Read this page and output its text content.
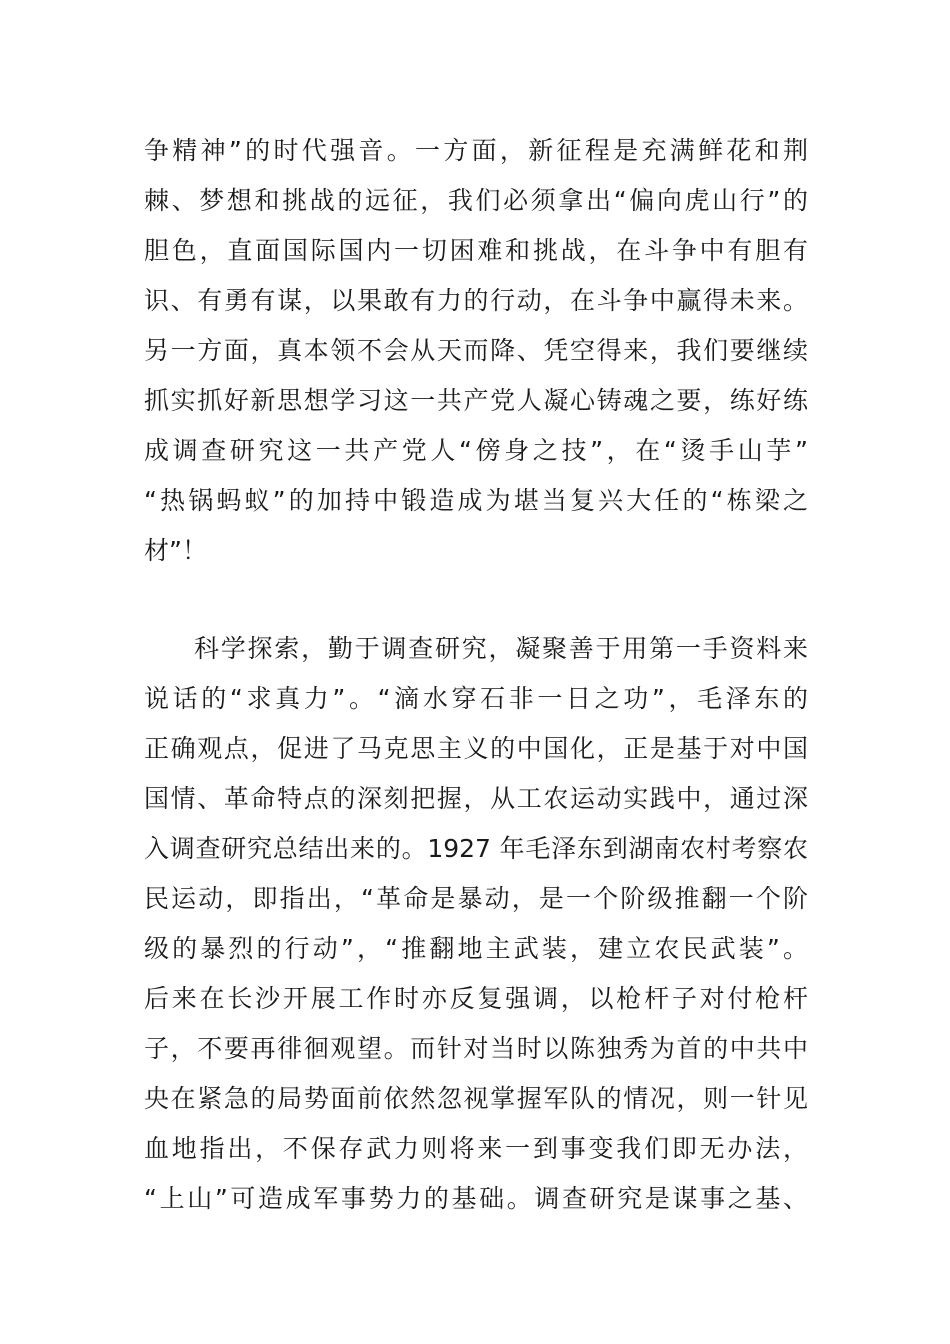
争精神”的时代强音。一方面，新征程是充满鲜花和荆
棘、梦想和挑战的远征，我们必须拿出“偏向虎山行”的
胆色，直面国际国内一切困难和挑战，在斗争中有胆有
识、有勇有谋，以果敢有力的行动，在斗争中赢得未来。
另一方面，真本领不会从天而降、凭空得来，我们要继续
抓实抓好新思想学习这一共产党人凝心铸魂之要，练好练
成调查研究这一共产党人“傍身之技”，在“烫手山芋”
“热锅蚂蚁”的加持中锻造成为堪当复兴大任的“栋梁之
材”！
科学探索，勤于调查研究，凝聚善于用第一手资料来
说话的“求真力”。“滴水穿石非一日之功”，毛泽东的
正确观点，促进了马克思主义的中国化，正是基于对中国
国情、革命特点的深刻把握，从工农运动实践中，通过深
入调查研究总结出来的。1927 年毛泽东到湖南农村考察农
民运动，即指出，“革命是暴动，是一个阶级推翻一个阶
级的暴烈的行动”，“推翻地主武装，建立农民武装”。
后来在长沙开展工作时亦反复强调，以枪杆子对付枪杆
子，不要再徘徊观望。而针对当时以陈独秀为首的中共中
央在紧急的局势面前依然忽视掌握军队的情况，则一针见
血地指出，不保存武力则将来一到事变我们即无办法，
“上山”可造成军事势力的基础。调查研究是谋事之基、
